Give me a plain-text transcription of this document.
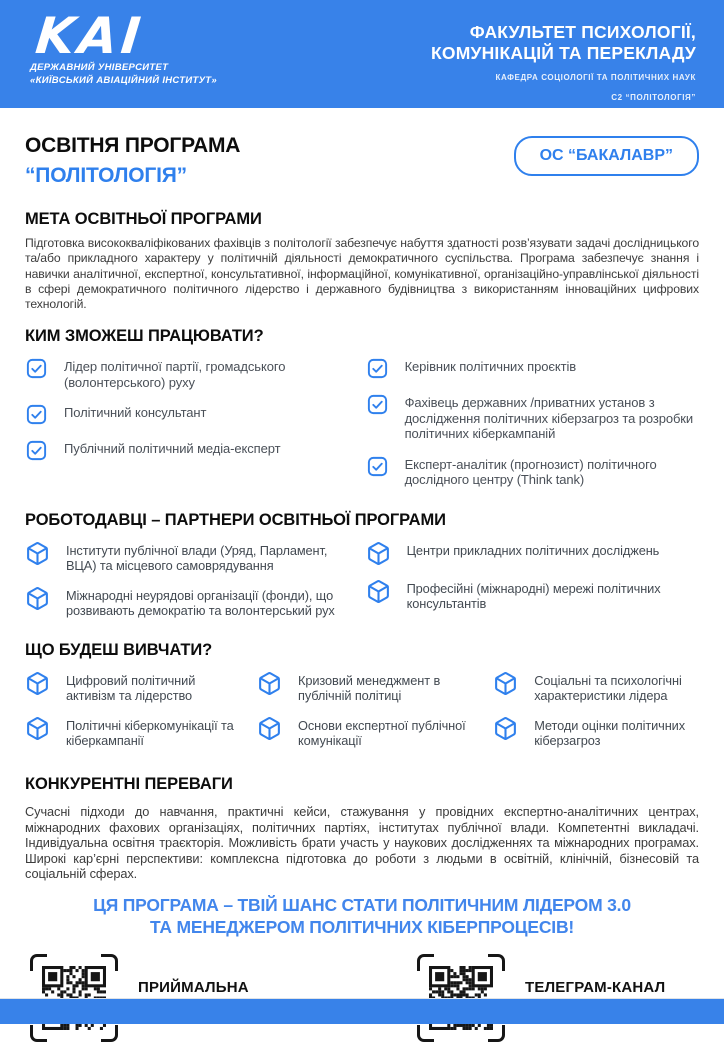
KAI
ДЕРЖАВНИЙ УНІВЕРСИТЕТ
«КИЇВСЬКИЙ АВІАЦІЙНИЙ ІНСТИТУТ»
ФАКУЛЬТЕТ ПСИХОЛОГІЇ,
КОМУНІКАЦІЙ ТА ПЕРЕКЛАДУ
КАФЕДРА СОЦІОЛОГІЇ ТА ПОЛІТИЧНИХ НАУК
С2 “ПОЛІТОЛОГІЯ”
ОСВІТНЯ ПРОГРАМА
“ПОЛІТОЛОГІЯ”
ОС “БАКАЛАВР”
МЕТА ОСВІТНЬОЇ ПРОГРАМИ
Підготовка висококваліфікованих фахівців з політології забезпечує набуття здатності розв’язувати задачі дослідницького та/або прикладного характеру у політичній діяльності демократичного суспільства. Програма забезпечує знання і навички аналітичної, експертної, консультативної, інформаційної, комунікативної, організаційно-управлінської діяльності в сфері демократичного політичного лідерство і державного будівництва з використанням інноваційних цифрових технологій.
КИМ ЗМОЖЕШ ПРАЦЮВАТИ?
Лідер політичної партії, громадського (волонтерського) руху
Політичний консультант
Публічний політичний медіа-експерт
Керівник політичних проєктів
Фахівець державних /приватних установ з дослідження політичних кіберзагроз та розробки політичних кіберкампаній
Експерт-аналітик (прогнозист) політичного дослідного центру (Think tank)
РОБОТОДАВЦІ – ПАРТНЕРИ ОСВІТНЬОЇ ПРОГРАМИ
Інститути публічної влади (Уряд, Парламент, ВЦА) та місцевого самоврядування
Міжнародні неурядові організації (фонди), що розвивають демократію та волонтерський рух
Центри прикладних політичних досліджень
Професійні (міжнародні) мережі політичних консультантів
ЩО БУДЕШ ВИВЧАТИ?
Цифровий політичний активізм та лідерство
Політичні кіберкомунікації та кіберкампанії
Кризовий менеджмент в публічній політиці
Основи експертної публічної комунікації
Соціальні та психологічні характеристики лідера
Методи оцінки політичних кіберзагроз
КОНКУРЕНТНІ ПЕРЕВАГИ
Сучасні підходи до навчання, практичні кейси, стажування у провідних експертно-аналітичних центрах, міжнародних фахових організаціях, політичних партіях, інститутах публічної влади. Компетентні викладачі. Індивідуальна освітня траєкторія. Можливість брати участь у наукових дослідженнях та міжнародних програмах. Широкі кар’єрні перспективи: комплексна підготовка до роботи з людьми в освітній, клінічній, бізнесовій та соціальній сферах.
ЦЯ ПРОГРАМА – ТВІЙ ШАНС СТАТИ ПОЛІТИЧНИМ ЛІДЕРОМ 3.0
ТА МЕНЕДЖЕРОМ ПОЛІТИЧНИХ КІБЕРПРОЦЕСІВ!
ПРИЙМАЛЬНА	ТЕЛЕГРАМ-КАНАЛ
